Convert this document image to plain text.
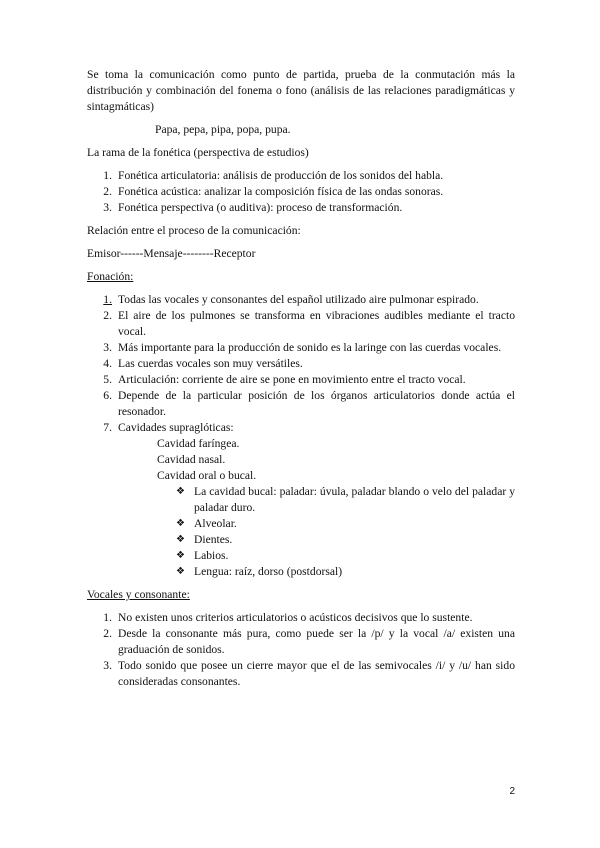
Se toma la comunicación como punto de partida, prueba de la conmutación más la distribución y combinación del fonema o fono (análisis de las relaciones paradigmáticas y sintagmáticas)

Papa, pepa, pipa, popa, pupa.

La rama de la fonética (perspectiva de estudios)

1. Fonética articulatoria: análisis de producción de los sonidos del habla.
2. Fonética acústica: analizar la composición física de las ondas sonoras.
3. Fonética perspectiva (o auditiva): proceso de transformación.

Relación entre el proceso de la comunicación:

Emisor------Mensaje--------Receptor

Fonación:

1. Todas las vocales y consonantes del español utilizado aire pulmonar espirado.
2. El aire de los pulmones se transforma en vibraciones audibles mediante el tracto vocal.
3. Más importante para la producción de sonido es la laringe con las cuerdas vocales.
4. Las cuerdas vocales son muy versátiles.
5. Articulación: corriente de aire se pone en movimiento entre el tracto vocal.
6. Depende de la particular posición de los órganos articulatorios donde actúa el resonador.
7. Cavidades supraglóticas:
Cavidad faríngea.
Cavidad nasal.
Cavidad oral o bucal.
❖ La cavidad bucal: paladar: úvula, paladar blando o velo del paladar y paladar duro.
❖ Alveolar.
❖ Dientes.
❖ Labios.
❖ Lengua: raíz, dorso (postdorsal)

Vocales y consonante:

1. No existen unos criterios articulatorios o acústicos decisivos que lo sustente.
2. Desde la consonante más pura, como puede ser la /p/ y la vocal /a/ existen una graduación de sonidos.
3. Todo sonido que posee un cierre mayor que el de las semivocales /i/ y /u/ han sido consideradas consonantes.
2
